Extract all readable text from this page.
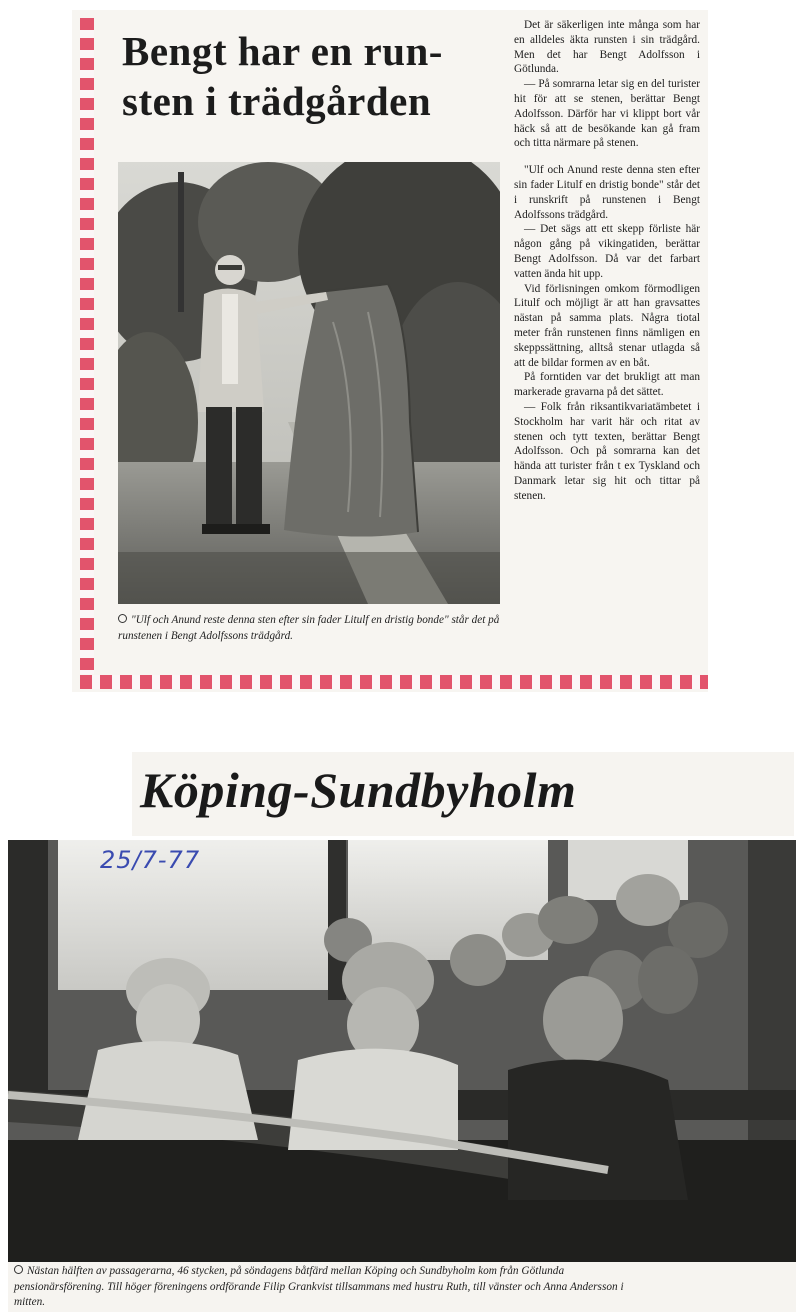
Bengt har en run-
sten i trädgården
"Ulf och Anund reste denna sten efter sin fader Litulf en dristig bonde" står det på runstenen i Bengt Adolfssons trädgård.

Det är säkerligen inte många som har en alldeles äkta runsten i sin trädgård. Men det har Bengt Adolfsson i Götlunda.

— På somrarna letar sig en del turister hit för att se stenen, berättar Bengt Adolfsson. Därför har vi klippt bort vår häck så att de besökande kan gå fram och titta närmare på stenen.

"Ulf och Anund reste denna sten efter sin fader Litulf en dristig bonde" står det i runskrift på runstenen i Bengt Adolfssons trädgård.

— Det sägs att ett skepp förliste här någon gång på vikingatiden, berättar Bengt Adolfsson. Då var det farbart vatten ända hit upp.

Vid förlisningen omkom förmodligen Litulf och möjligt är att han gravsattes nästan på samma plats. Några tiotal meter från runstenen finns nämligen en skeppssättning, alltså stenar utlagda så att de bildar formen av en båt.

På forntiden var det brukligt att man markerade gravarna på det sättet.

— Folk från riksantikvariatämbetet i Stockholm har varit här och ritat av stenen och tytt texten, berättar Bengt Adolfsson. Och på somrarna kan det hända att turister från t ex Tyskland och Danmark letar sig hit och tittar på stenen.

Köping-Sundbyholm
25/7-77
Nästan hälften av passagerarna, 46 stycken, på söndagens båtfärd mellan Köping och Sundbyholm kom från Götlunda pensionärsförening. Till höger föreningens ordförande Filip Grankvist tillsammans med hustru Ruth, till vänster och Anna Andersson i mitten.
